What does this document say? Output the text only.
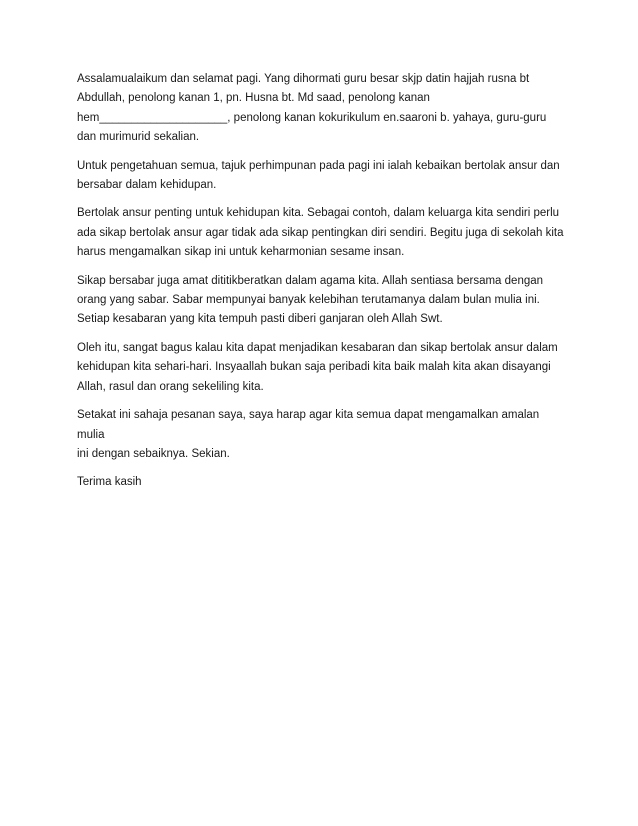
Assalamualaikum dan selamat pagi. Yang dihormati guru besar skjp datin hajjah rusna bt
Abdullah, penolong kanan 1, pn. Husna bt. Md saad, penolong kanan
hem____________________, penolong kanan kokurikulum en.saaroni b. yahaya, guru-guru
dan murimurid sekalian.

Untuk pengetahuan semua, tajuk perhimpunan pada pagi ini ialah kebaikan bertolak ansur dan
bersabar dalam kehidupan.

Bertolak ansur penting untuk kehidupan kita. Sebagai contoh, dalam keluarga kita sendiri perlu
ada sikap bertolak ansur agar tidak ada sikap pentingkan diri sendiri. Begitu juga di sekolah kita
harus mengamalkan sikap ini untuk keharmonian sesame insan.

Sikap bersabar juga amat dititikberatkan dalam agama kita. Allah sentiasa bersama dengan
orang yang sabar. Sabar mempunyai banyak kelebihan terutamanya dalam bulan mulia ini.
Setiap kesabaran yang kita tempuh pasti diberi ganjaran oleh Allah Swt.

Oleh itu, sangat bagus kalau kita dapat menjadikan kesabaran dan sikap bertolak ansur dalam
kehidupan kita sehari-hari. Insyaallah bukan saja peribadi kita baik malah kita akan disayangi
Allah, rasul dan orang sekeliling kita.

Setakat ini sahaja pesanan saya, saya harap agar kita semua dapat mengamalkan amalan mulia
ini dengan sebaiknya. Sekian.

Terima kasih
